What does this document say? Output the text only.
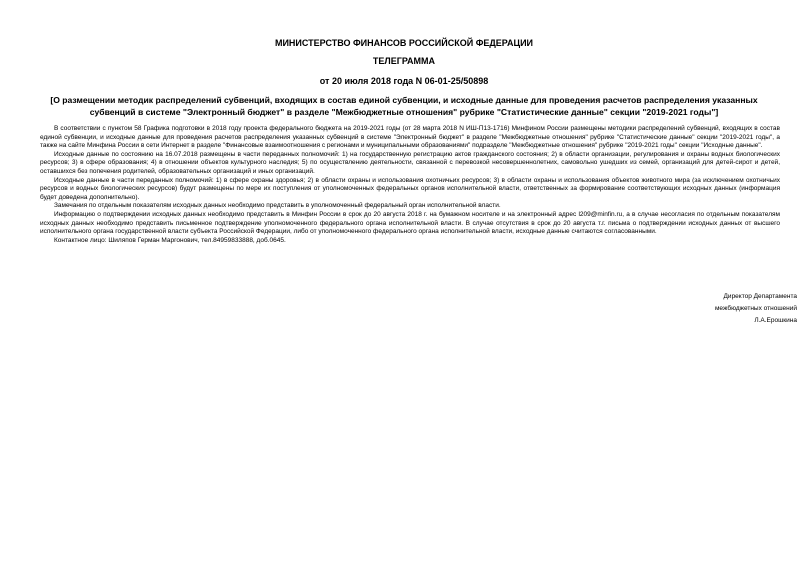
МИНИСТЕРСТВО ФИНАНСОВ РОССИЙСКОЙ ФЕДЕРАЦИИ
ТЕЛЕГРАММА
от 20 июля 2018 года N 06-01-25/50898
[О размещении методик распределений субвенций, входящих в состав единой субвенции, и исходные данные для проведения расчетов распределения указанных субвенций в системе "Электронный бюджет" в разделе "Межбюджетные отношения" рубрике "Статистические данные" секции "2019-2021 годы"]

В соответствии с пунктом 58 Графика подготовки в 2018 году проекта федерального бюджета на 2019-2021 годы (от 28 марта 2018 N ИШ-П13-1716) Минфином России размещены методики распределений субвенций, входящих в состав единой субвенции, и исходные данные для проведения расчетов распределения указанных субвенций в системе "Электронный бюджет" в разделе "Межбюджетные отношения" рубрике "Статистические данные" секции "2019-2021 годы", а также на сайте Минфина России в сети Интернет в разделе "Финансовые взаимоотношения с регионами и муниципальными образованиями" подразделе "Межбюджетные отношения" рубрике "2019-2021 годы" секции "Исходные данные".

Исходные данные по состоянию на 16.07.2018 размещены в части переданных полномочий: 1) на государственную регистрацию актов гражданского состояния; 2) в области организации, регулирования и охраны водных биологических ресурсов; 3) в сфере образования; 4) в отношении объектов культурного наследия; 5) по осуществлению деятельности, связанной с перевозкой несовершеннолетних, самовольно ушедших из семей, организаций для детей-сирот и детей, оставшихся без попечения родителей, образовательных организаций и иных организаций.

Исходные данные в части переданных полномочий: 1) в сфере охраны здоровья; 2) в области охраны и использования охотничьих ресурсов; 3) в области охраны и использования объектов животного мира (за исключением охотничьих ресурсов и водных биологических ресурсов) будут размещены по мере их поступления от уполномоченных федеральных органов исполнительной власти, ответственных за формирование соответствующих исходных данных (информация будет доведена дополнительно).

Замечания по отдельным показателям исходных данных необходимо представить в уполномоченный федеральный орган исполнительной власти.

Информацию о подтверждении исходных данных необходимо представить в Минфин России в срок до 20 августа 2018 г. на бумажном носителе и на электронный адрес l209@minfin.ru, а в случае несогласия по отдельным показателям исходных данных необходимо представить письменное подтверждение уполномоченного федерального органа исполнительной власти. В случае отсутствия в срок до 20 августа т.г. письма о подтверждении исходных данных от высшего исполнительного органа государственной власти субъекта Российской Федерации, либо от уполномоченного федерального органа исполнительной власти, исходные данные считаются согласованными.

Контактное лицо: Шиляпов Герман Маргонович, тел.84959833888, доб.0645.

Директор Департамента
межбюджетных отношений
Л.А.Ерошкина
